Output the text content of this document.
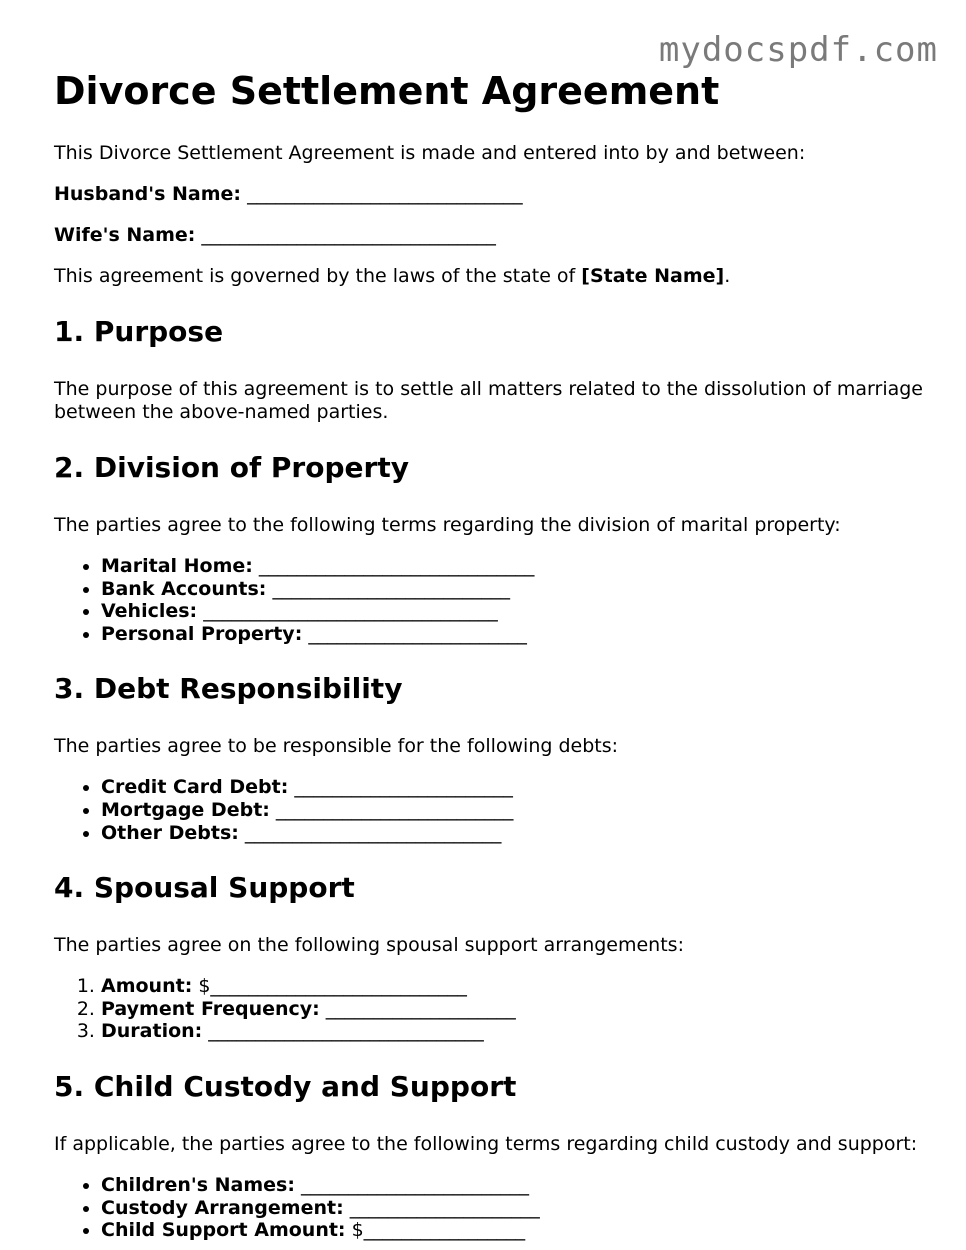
mydocspdf.com
Divorce Settlement Agreement

This Divorce Settlement Agreement is made and entered into by and between:

Husband's Name: _____________________________
Wife's Name: _______________________________

This agreement is governed by the laws of the state of [State Name].

1. Purpose

The purpose of this agreement is to settle all matters related to the dissolution of marriage between the above-named parties.

2. Division of Property

The parties agree to the following terms regarding the division of marital property:

• Marital Home: _____________________________
• Bank Accounts: _________________________
• Vehicles: _______________________________
• Personal Property: _______________________
3. Debt Responsibility

The parties agree to be responsible for the following debts:

• Credit Card Debt: _______________________
• Mortgage Debt: _________________________
• Other Debts: ___________________________
4. Spousal Support

The parties agree on the following spousal support arrangements:

1. Amount: $___________________________
2. Payment Frequency: ____________________
3. Duration: _____________________________
5. Child Custody and Support

If applicable, the parties agree to the following terms regarding child custody and support:

• Children's Names: ________________________
• Custody Arrangement: ____________________
• Child Support Amount: $_________________
